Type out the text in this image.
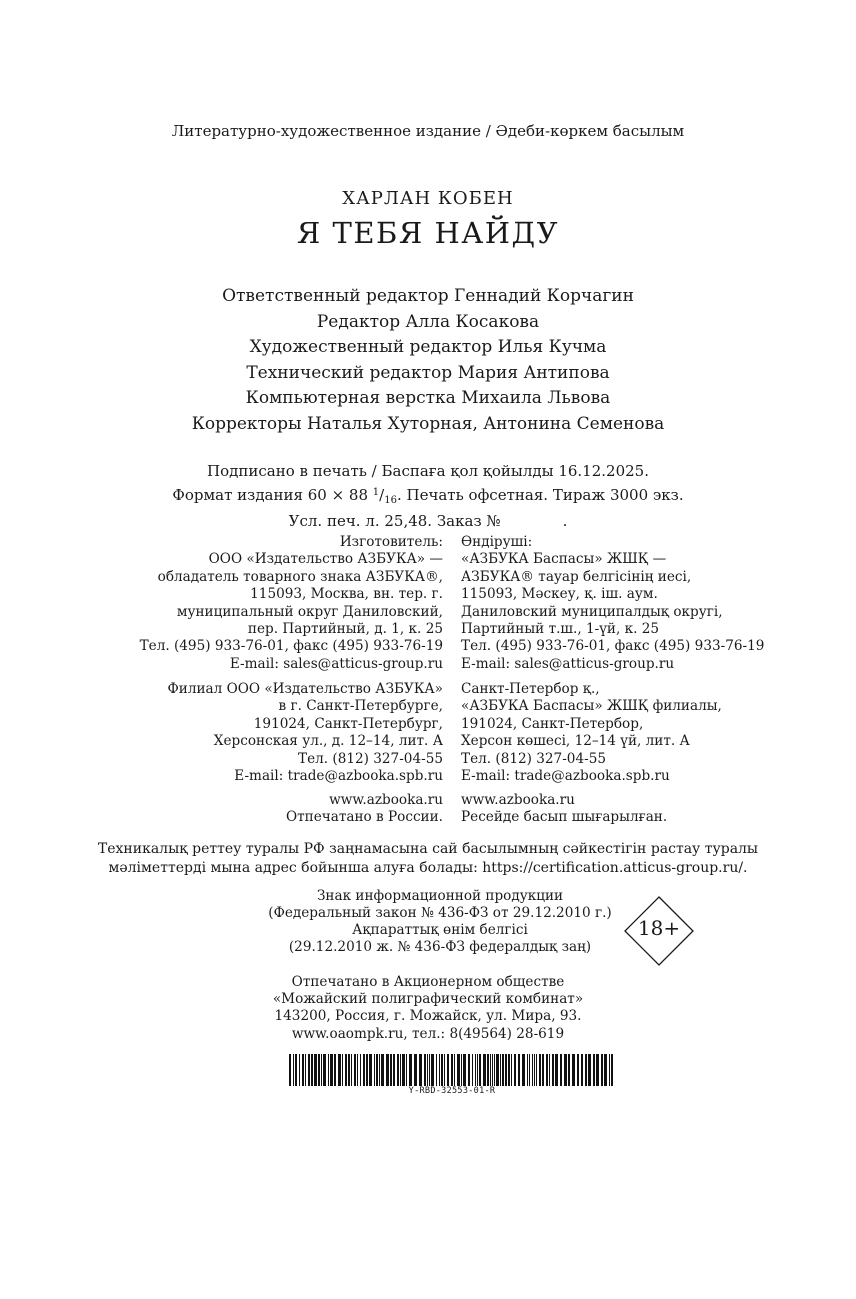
Литературно-художественное издание / Әдеби-көркем басылым
ХАРЛАН КОБЕН
Я ТЕБЯ НАЙДУ
Ответственный редактор Геннадий Корчагин
Редактор Алла Косакова
Художественный редактор Илья Кучма
Технический редактор Мария Антипова
Компьютерная верстка Михаила Львова
Корректоры Наталья Хуторная, Антонина Семенова
Подписано в печать / Баспаға қол қойылды 16.12.2025.
Формат издания 60 × 88 $^1/_{16}$. Печать офсетная. Тираж 3000 экз.
Усл. печ. л. 25,48. Заказ №             .
Изготовитель:
ООО «Издательство АЗБУКА» —
обладатель товарного знака АЗБУКА®,
115093, Москва, вн. тер. г.
муниципальный округ Даниловский,
пер. Партийный, д. 1, к. 25
Тел. (495) 933-76-01, факс (495) 933-76-19
E-mail: sales@atticus-group.ru
Өндіруші:
«АЗБУКА Баспасы» ЖШҚ —
АЗБУКА® тауар белгісінің иесі,
115093, Мәскеу, қ. іш. аум.
Даниловский муниципалдық округі,
Партийный т.ш., 1-үй, к. 25
Тел. (495) 933-76-01, факс (495) 933-76-19
E-mail: sales@atticus-group.ru
Филиал ООО «Издательство АЗБУКА»
в г. Санкт-Петербурге,
191024, Санкт-Петербург,
Херсонская ул., д. 12–14, лит. А
Тел. (812) 327-04-55
E-mail: trade@azbooka.spb.ru
Санкт-Петербор қ.,
«АЗБУКА Баспасы» ЖШҚ филиалы,
191024, Санкт-Петербор,
Херсон көшесі, 12–14 үй, лит. А
Тел. (812) 327-04-55
E-mail: trade@azbooka.spb.ru
www.azbooka.ru
Отпечатано в России.
www.azbooka.ru
Ресейде басып шығарылған.
Техникалық реттеу туралы РФ заңнамасына сай басылымның сәйкестігін растау туралы
мәліметтерді мына адрес бойынша алуға болады: https://certification.atticus-group.ru/.
Знак информационной продукции
(Федеральный закон № 436-ФЗ от 29.12.2010 г.)
Ақпараттық өнім белгісі
(29.12.2010 ж. № 436-ФЗ федералдық заң)
18+
Отпечатано в Акционерном обществе
«Можайский полиграфический комбинат»
143200, Россия, г. Можайск, ул. Мира, 93.
www.oaompk.ru, тел.: 8(49564) 28-619
Y-RBD-32553-01-R
